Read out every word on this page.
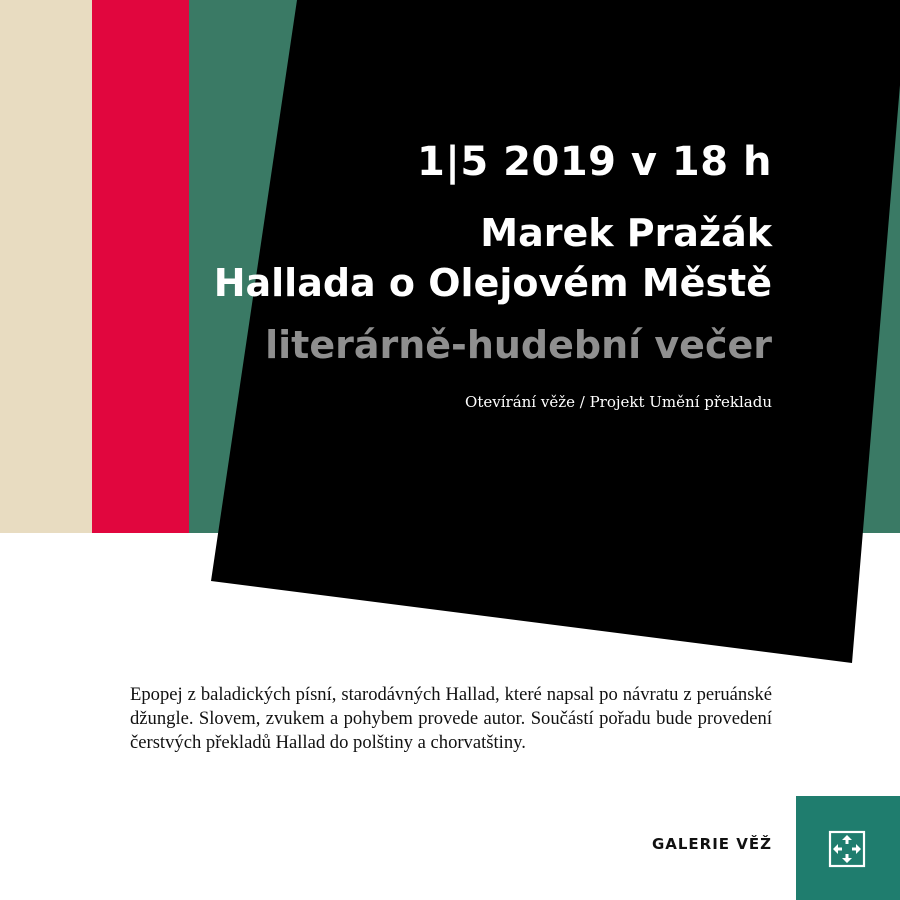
1|5 2019 v 18 h
Marek Pražák
Hallada o Olejovém Městě
literárně-hudební večer
Otevírání věže / Projekt Umění překladu

Epopej z baladických písní, starodávných Hallad, které napsal po návratu z peruánské džungle. Slovem, zvukem a pohybem provede autor. Součástí pořadu bude provedení čerstvých překladů Hallad do polštiny a chorvatštiny.

GALERIE VĚŽ
